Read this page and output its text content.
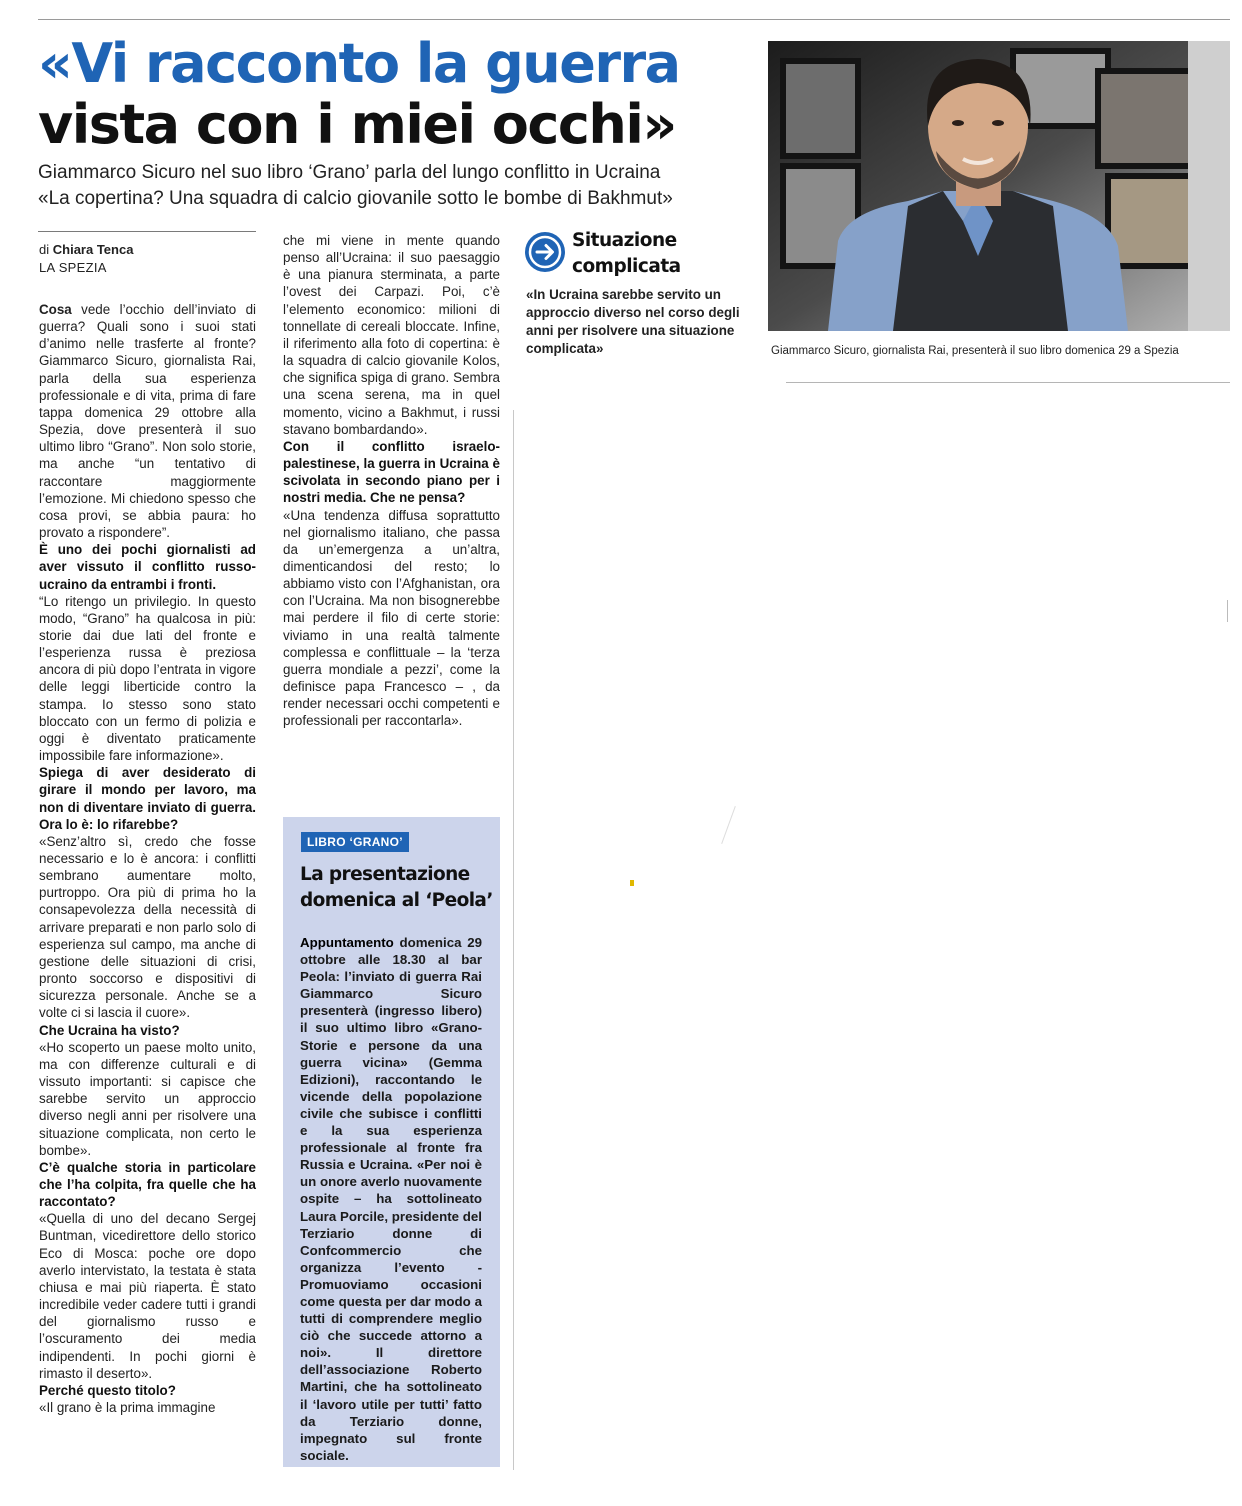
«Vi racconto la guerra
vista con i miei occhi»
Giammarco Sicuro nel suo libro ‘Grano’ parla del lungo conflitto in Ucraina
«La copertina? Una squadra di calcio giovanile sotto le bombe di Bakhmut»
Giammarco Sicuro, giornalista Rai, presenterà il suo libro domenica 29 a Spezia
di Chiara Tenca
LA SPEZIA

Cosa vede l’occhio dell’inviato di guerra? Quali sono i suoi stati d’animo nelle trasferte al fronte? Giammarco Sicuro, giornalista Rai, parla della sua esperienza professionale e di vita, prima di fare tappa domenica 29 ottobre alla Spezia, dove presenterà il suo ultimo libro “Grano”. Non solo storie, ma anche “un tentativo di raccontare maggiormente l’emozione. Mi chiedono spesso che cosa provi, se abbia paura: ho provato a rispondere”.

È uno dei pochi giornalisti ad aver vissuto il conflitto russo-ucraino da entrambi i fronti.

“Lo ritengo un privilegio. In questo modo, “Grano” ha qualcosa in più: storie dai due lati del fronte e l’esperienza russa è preziosa ancora di più dopo l’entrata in vigore delle leggi liberticide contro la stampa. Io stesso sono stato bloccato con un fermo di polizia e oggi è diventato praticamente impossibile fare informazione».

Spiega di aver desiderato di girare il mondo per lavoro, ma non di diventare inviato di guerra. Ora lo è: lo rifarebbe?

«Senz’altro sì, credo che fosse necessario e lo è ancora: i conflitti sembrano aumentare molto, purtroppo. Ora più di prima ho la consapevolezza della necessità di arrivare preparati e non parlo solo di esperienza sul campo, ma anche di gestione delle situazioni di crisi, pronto soccorso e dispositivi di sicurezza personale. Anche se a volte ci si lascia il cuore».

Che Ucraina ha visto?

«Ho scoperto un paese molto unito, ma con differenze culturali e di vissuto importanti: si capisce che sarebbe servito un approccio diverso negli anni per risolvere una situazione complicata, non certo le bombe».

C’è qualche storia in particolare che l’ha colpita, fra quelle che ha raccontato?

«Quella di uno del decano Sergej Buntman, vicedirettore dello storico Eco di Mosca: poche ore dopo averlo intervistato, la testata è stata chiusa e mai più riaperta. È stato incredibile veder cadere tutti i grandi del giornalismo russo e l’oscuramento dei media indipendenti. In pochi giorni è rimasto il deserto».

Perché questo titolo?

«Il grano è la prima immagine

che mi viene in mente quando penso all’Ucraina: il suo paesaggio è una pianura sterminata, a parte l’ovest dei Carpazi. Poi, c’è l’elemento economico: milioni di tonnellate di cereali bloccate. Infine, il riferimento alla foto di copertina: è la squadra di calcio giovanile Kolos, che significa spiga di grano. Sembra una scena serena, ma in quel momento, vicino a Bakhmut, i russi stavano bombardando».

Con il conflitto israelo-palestinese, la guerra in Ucraina è scivolata in secondo piano per i nostri media. Che ne pensa?

«Una tendenza diffusa soprattutto nel giornalismo italiano, che passa da un’emergenza a un’altra, dimenticandosi del resto; lo abbiamo visto con l’Afghanistan, ora con l’Ucraina. Ma non bisognerebbe mai perdere il filo di certe storie: viviamo in una realtà talmente complessa e conflittuale – la ‘terza guerra mondiale a pezzi’, come la definisce papa Francesco – , da render necessari occhi competenti e professionali per raccontarla».

Situazione
complicata
«In Ucraina sarebbe servito un approccio diverso nel corso degli anni per risolvere una situazione complicata»
LIBRO ‘GRANO’
La presentazione
domenica al ‘Peola’
Appuntamento domenica 29 ottobre alle 18.30 al bar Peola: l’inviato di guerra Rai Giammarco Sicuro presenterà (ingresso libero) il suo ultimo libro «Grano-Storie e persone da una guerra vicina» (Gemma Edizioni), raccontando le vicende della popolazione civile che subisce i conflitti e la sua esperienza professionale al fronte fra Russia e Ucraina. «Per noi è un onore averlo nuovamente ospite – ha sottolineato Laura Porcile, presidente del Terziario donne di Confcommercio che organizza l’evento - Promuoviamo occasioni come questa per dar modo a tutti di comprendere meglio ciò che succede attorno a noi». Il direttore dell’associazione Roberto Martini, che ha sottolineato il ‘lavoro utile per tutti’ fatto da Terziario donne, impegnato sul fronte sociale.
